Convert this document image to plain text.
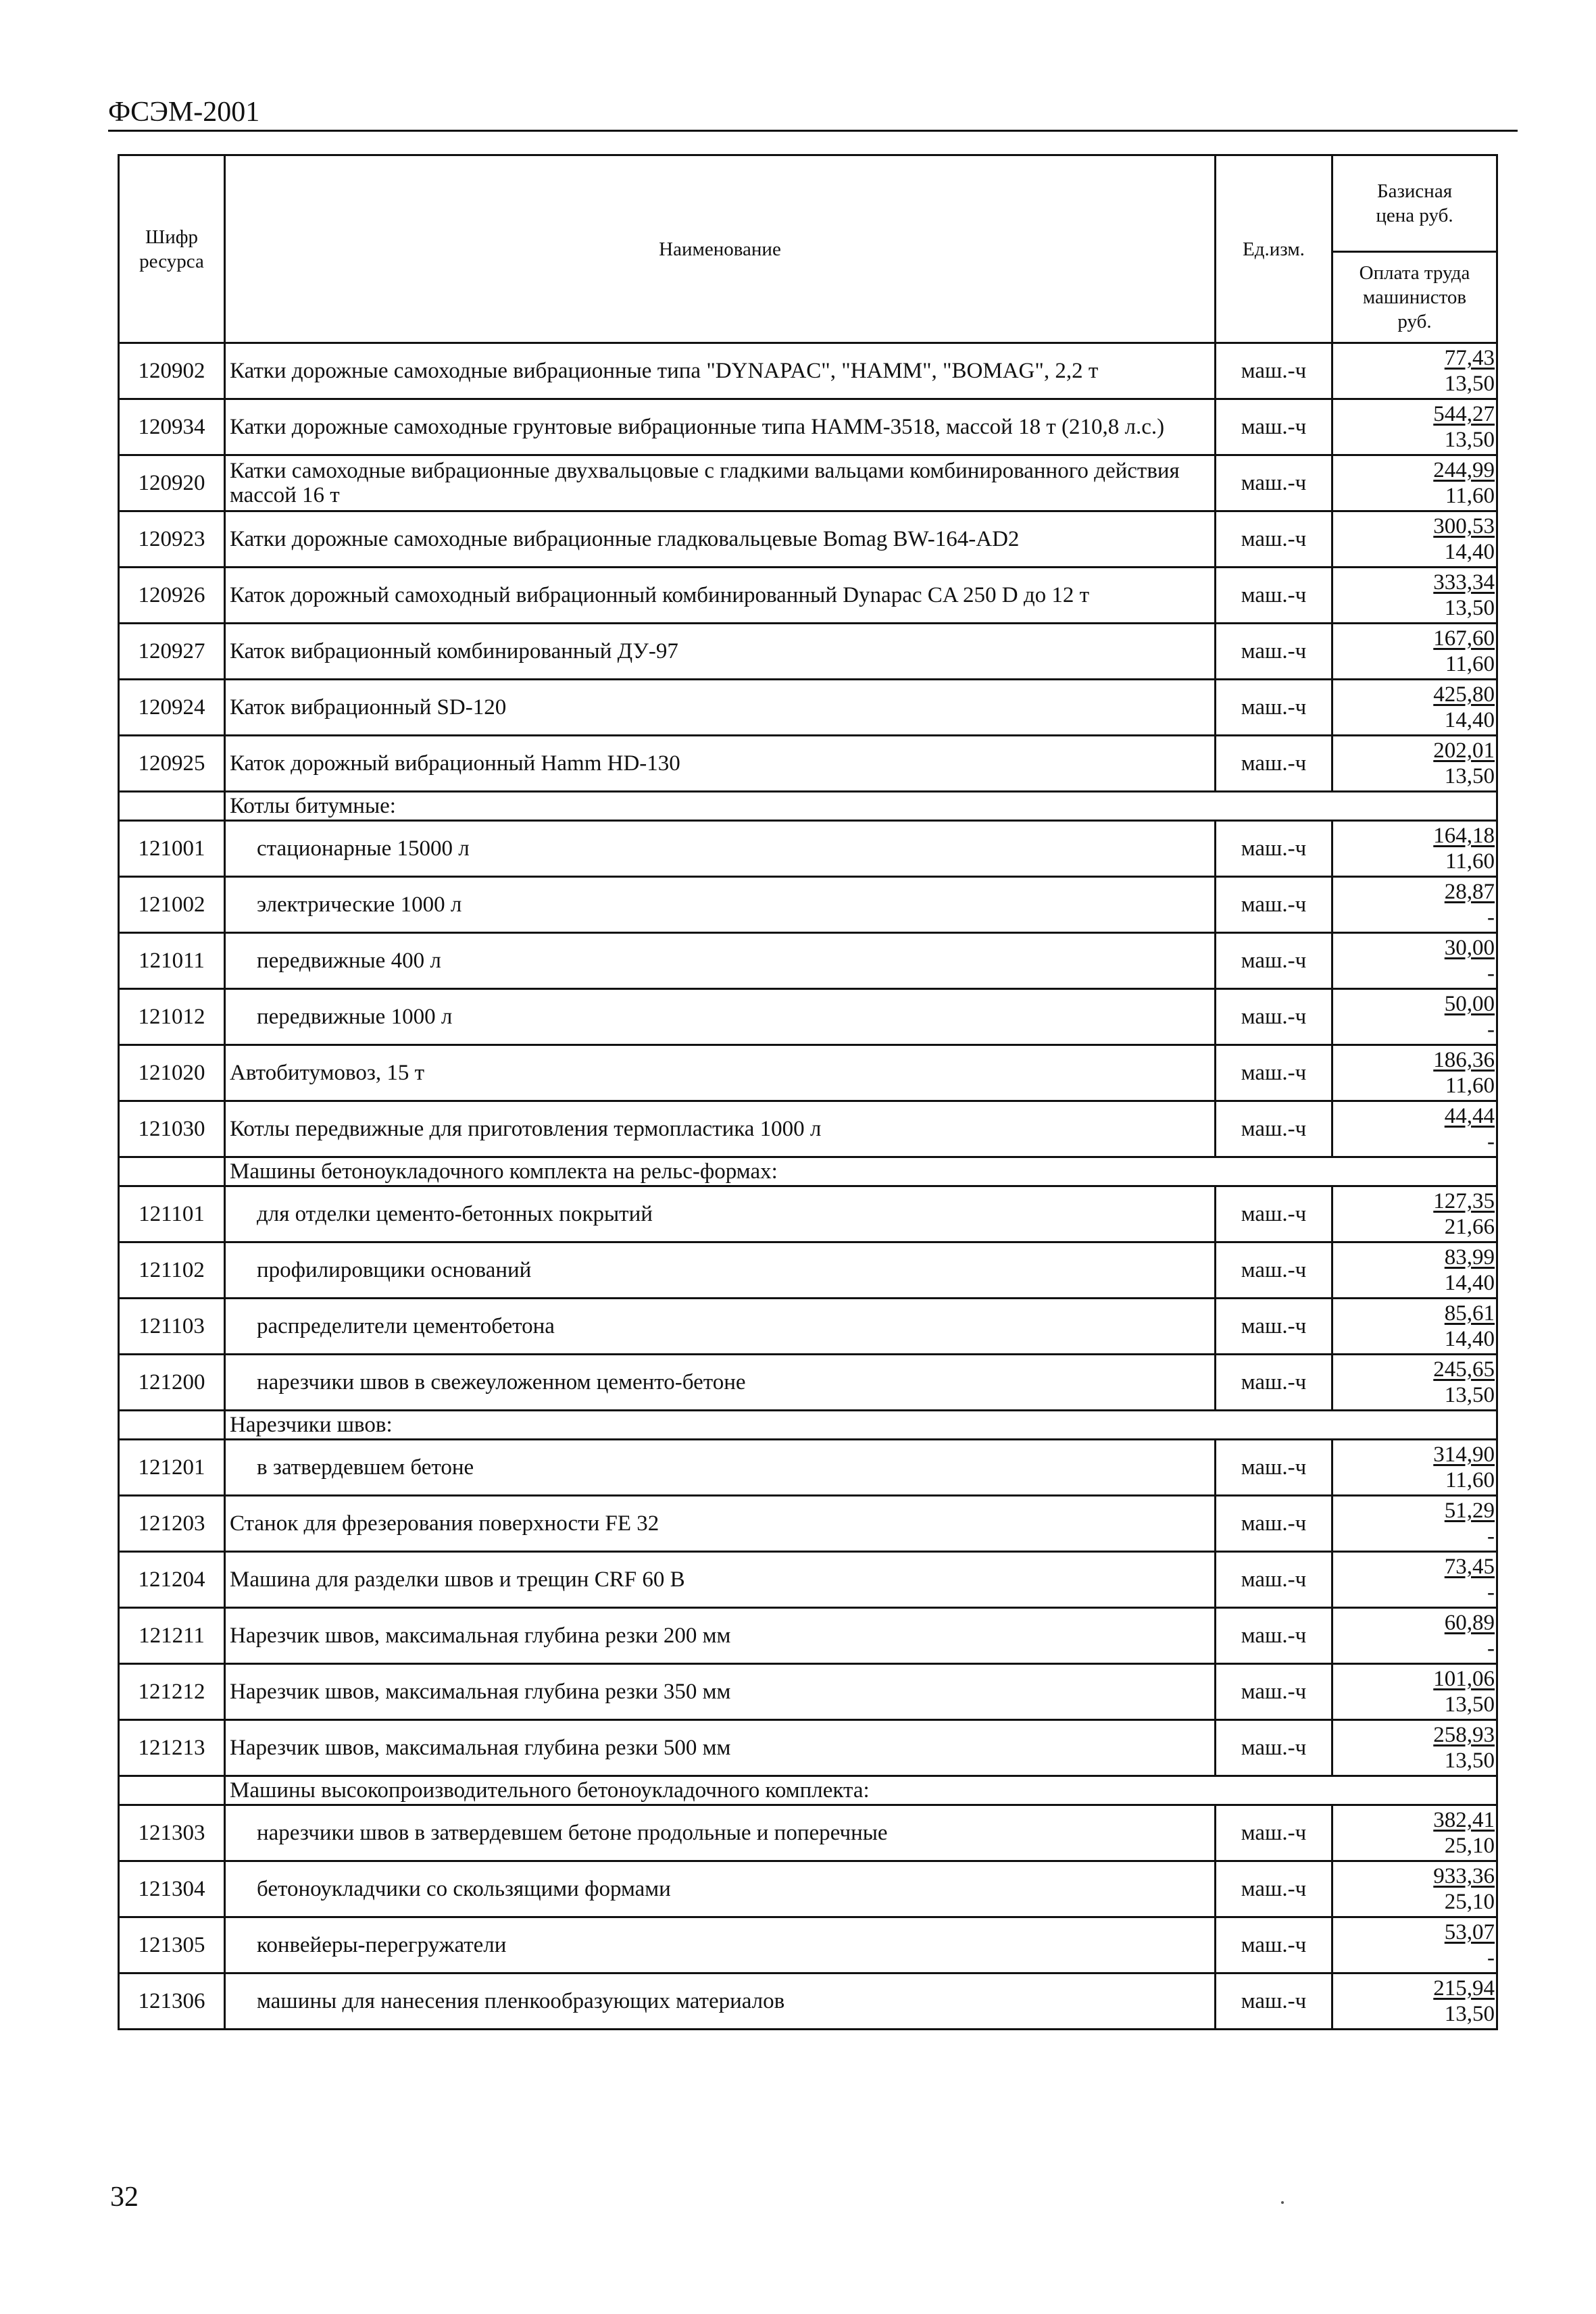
ФСЭМ-2001
Шифр ресурса	Наименование	Ед.изм.	Базисная цена руб.

			Оплата труда машинистов руб.

120902	Катки дорожные самоходные вибрационные типа "DYNAPAC", "HAMM", "BOMAG", 2,2 т	маш.-ч	77,43
13,50

120934	Катки дорожные самоходные грунтовые вибрационные типа HAMM-3518, массой 18 т (210,8 л.с.)	маш.-ч	544,27
13,50

120920	Катки самоходные вибрационные двухвальцовые с гладкими вальцами комбинированного действия массой 16 т	маш.-ч	244,99
11,60

120923	Катки дорожные самоходные вибрационные гладковальцевые Bomag BW-164-AD2	маш.-ч	300,53
14,40

120926	Каток дорожный самоходный вибрационный комбинированный Dynapac CA 250 D до 12 т	маш.-ч	333,34
13,50

120927	Каток вибрационный комбинированный ДУ-97	маш.-ч	167,60
11,60

120924	Каток вибрационный SD-120	маш.-ч	425,80
14,40

120925	Каток дорожный вибрационный Hamm HD-130	маш.-ч	202,01
13,50

	Котлы битумные:		
121001	стационарные 15000 л	маш.-ч	164,18
11,60

121002	электрические 1000 л	маш.-ч	28,87
-

121011	передвижные 400 л	маш.-ч	30,00
-

121012	передвижные 1000 л	маш.-ч	50,00
-

121020	Автобитумовоз, 15 т	маш.-ч	186,36
11,60

121030	Котлы передвижные для приготовления термопластика 1000 л	маш.-ч	44,44
-

	Машины бетоноукладочного комплекта на рельс-формах:		
121101	для отделки цементо-бетонных покрытий	маш.-ч	127,35
21,66

121102	профилировщики оснований	маш.-ч	83,99
14,40

121103	распределители цементобетона	маш.-ч	85,61
14,40

121200	нарезчики швов в свежеуложенном цементо-бетоне	маш.-ч	245,65
13,50

	Нарезчики швов:		
121201	в затвердевшем бетоне	маш.-ч	314,90
11,60

121203	Станок для фрезерования поверхности FE 32	маш.-ч	51,29
-

121204	Машина для разделки швов и трещин CRF 60 В	маш.-ч	73,45
-

121211	Нарезчик швов, максимальная глубина резки 200 мм	маш.-ч	60,89
-

121212	Нарезчик швов, максимальная глубина резки 350 мм	маш.-ч	101,06
13,50

121213	Нарезчик швов, максимальная глубина резки 500 мм	маш.-ч	258,93
13,50

	Машины высокопроизводительного бетоноукладочного комплекта:		
121303	нарезчики швов в затвердевшем бетоне продольные и поперечные	маш.-ч	382,41
25,10

121304	бетоноукладчики со скользящими формами	маш.-ч	933,36
25,10

121305	конвейеры-перегружатели	маш.-ч	53,07
-

121306	машины для нанесения пленкообразующих материалов	маш.-ч	215,94
13,50
32
